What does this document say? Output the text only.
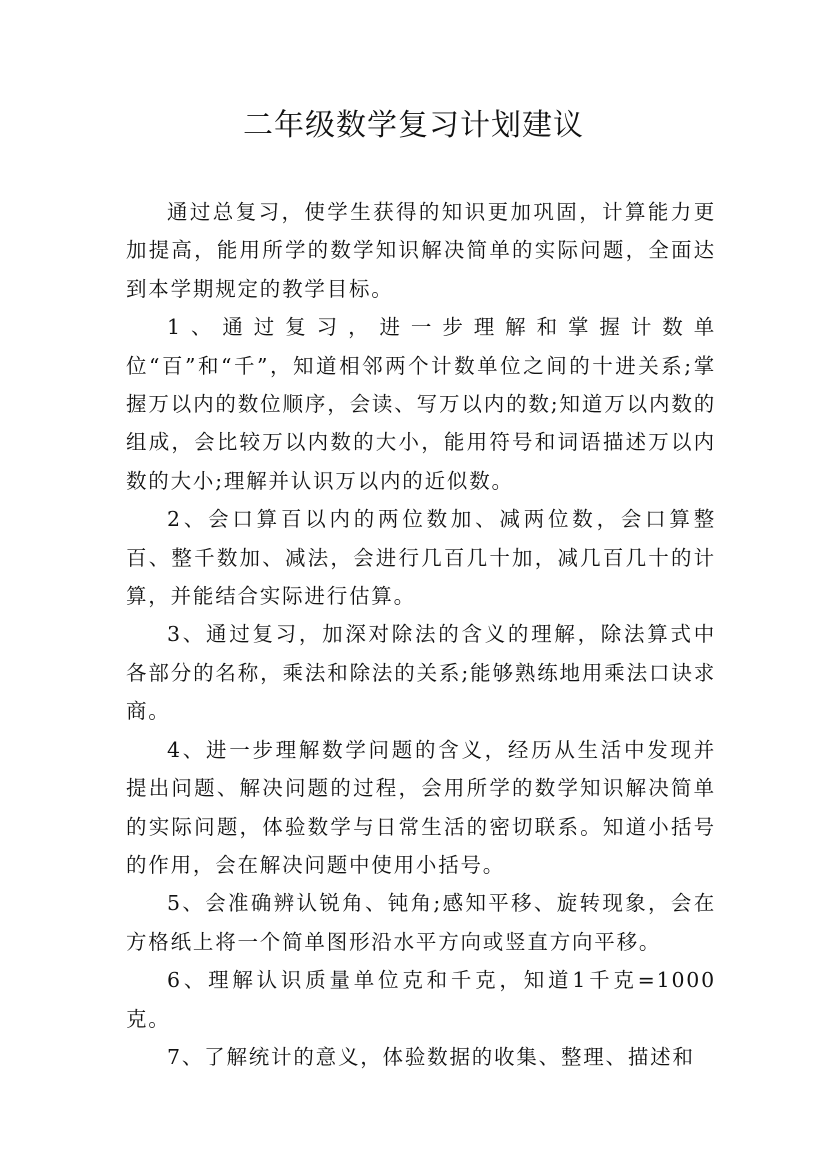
二年级数学复习计划建议

通过总复习，使学生获得的知识更加巩固，计算能力更加提高，能用所学的数学知识解决简单的实际问题，全面达到本学期规定的教学目标。

1、通过复习，进一步理解和掌握计数单位“百”和“千”，知道相邻两个计数单位之间的十进关系;掌握万以内的数位顺序，会读、写万以内的数;知道万以内数的组成，会比较万以内数的大小，能用符号和词语描述万以内数的大小;理解并认识万以内的近似数。

2、会口算百以内的两位数加、减两位数，会口算整百、整千数加、减法，会进行几百几十加，减几百几十的计算，并能结合实际进行估算。

3、通过复习，加深对除法的含义的理解，除法算式中各部分的名称，乘法和除法的关系;能够熟练地用乘法口诀求商。

4、进一步理解数学问题的含义，经历从生活中发现并提出问题、解决问题的过程，会用所学的数学知识解决简单的实际问题，体验数学与日常生活的密切联系。知道小括号的作用，会在解决问题中使用小括号。

5、会准确辨认锐角、钝角;感知平移、旋转现象，会在方格纸上将一个简单图形沿水平方向或竖直方向平移。

6、理解认识质量单位克和千克，知道1千克=1000克。

7、了解统计的意义，体验数据的收集、整理、描述和
